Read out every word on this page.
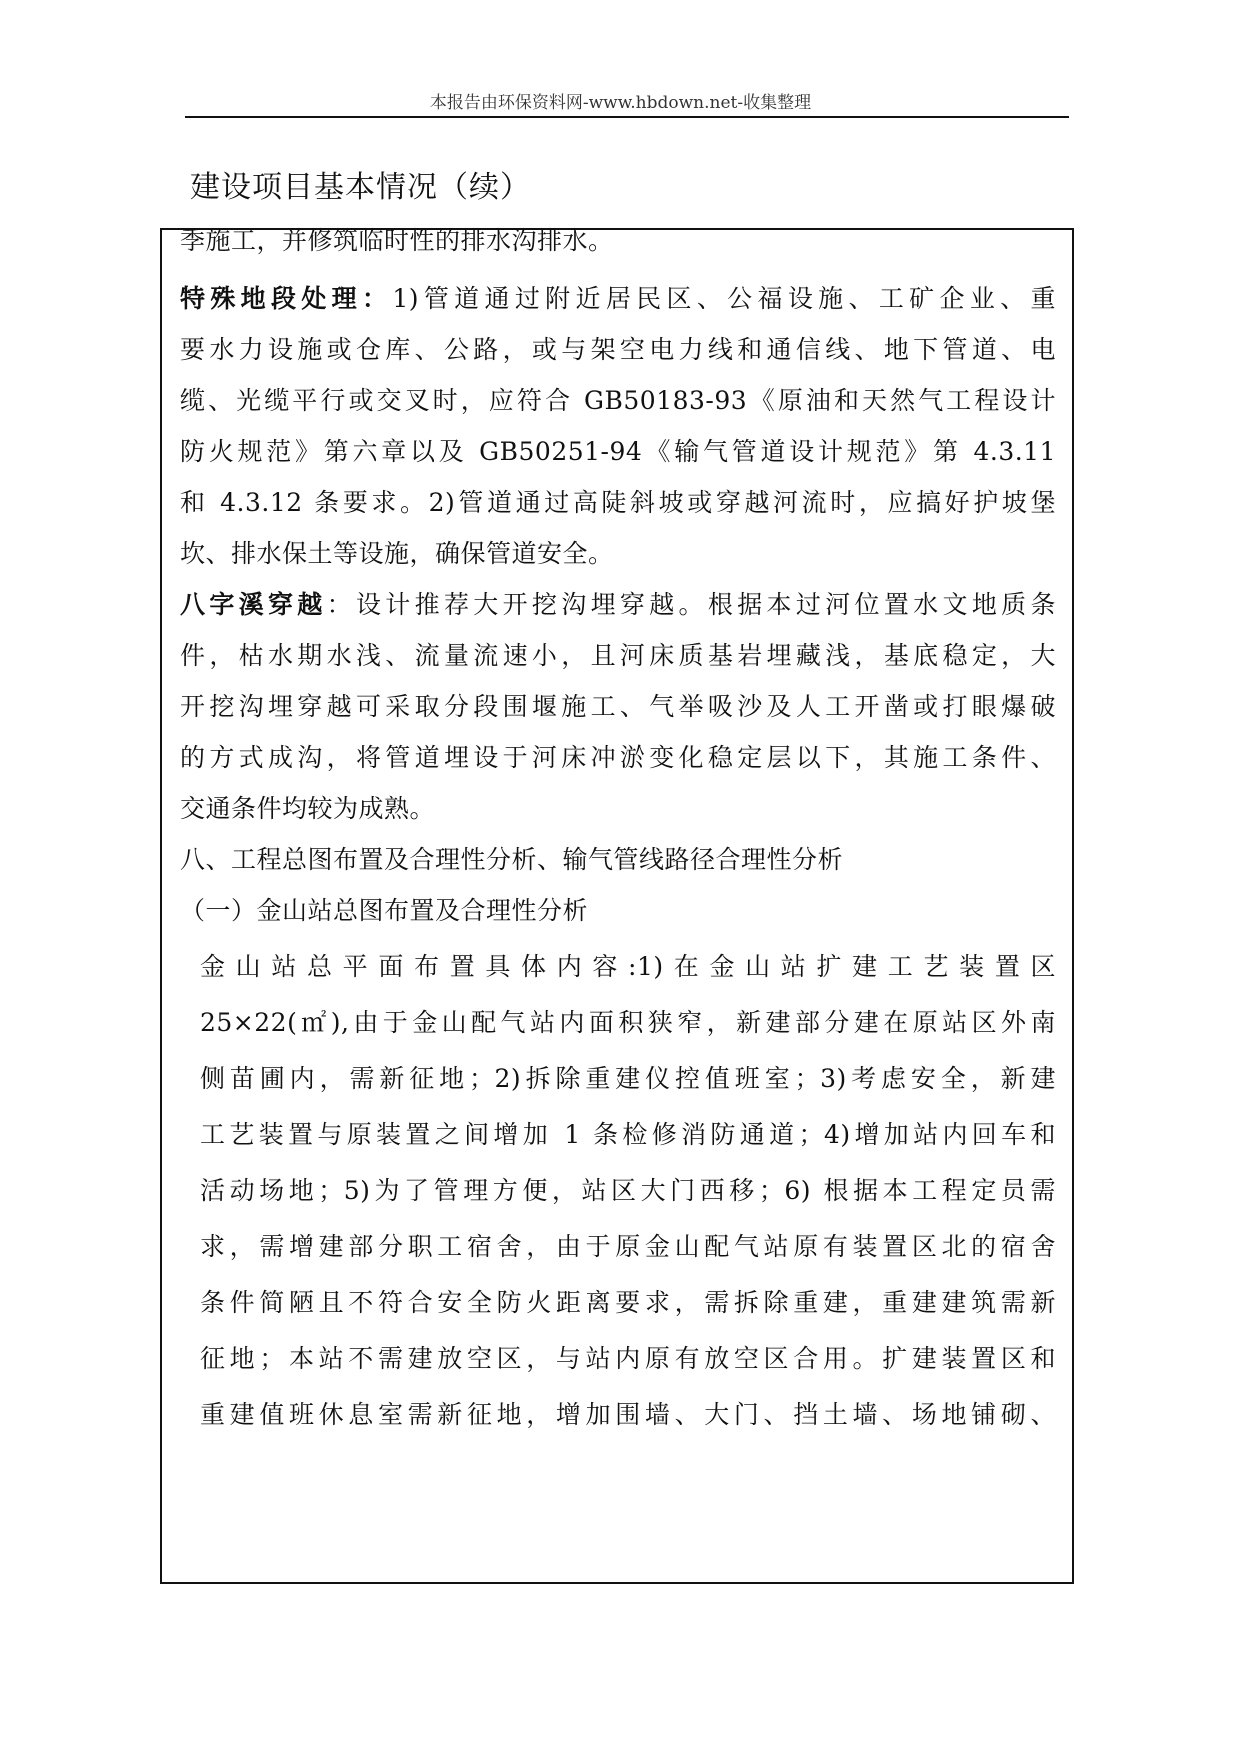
本报告由环保资料网-www.hbdown.net-收集整理
建设项目基本情况（续）
季施工，并修筑临时性的排水沟排水。
特殊地段处理：1)管道通过附近居民区、公福设施、工矿企业、重
要水力设施或仓库、公路，或与架空电力线和通信线、地下管道、电
缆、光缆平行或交叉时，应符合 GB50183-93《原油和天然气工程设计
防火规范》第六章以及 GB50251-94《输气管道设计规范》第 4.3.11
和 4.3.12 条要求。2)管道通过高陡斜坡或穿越河流时，应搞好护坡堡
坎、排水保土等设施，确保管道安全。
八字溪穿越：设计推荐大开挖沟埋穿越。根据本过河位置水文地质条
件，枯水期水浅、流量流速小，且河床质基岩埋藏浅，基底稳定，大
开挖沟埋穿越可采取分段围堰施工、气举吸沙及人工开凿或打眼爆破
的方式成沟，将管道埋设于河床冲淤变化稳定层以下，其施工条件、
交通条件均较为成熟。
八、工程总图布置及合理性分析、输气管线路径合理性分析
（一）金山站总图布置及合理性分析
金山站总平面布置具体内容:1)在金山站扩建工艺装置区
25×22(㎡),由于金山配气站内面积狭窄，新建部分建在原站区外南
侧苗圃内，需新征地；2)拆除重建仪控值班室；3)考虑安全，新建
工艺装置与原装置之间增加 1 条检修消防通道；4)增加站内回车和
活动场地；5)为了管理方便，站区大门西移；6) 根据本工程定员需
求，需增建部分职工宿舍，由于原金山配气站原有装置区北的宿舍
条件简陋且不符合安全防火距离要求，需拆除重建，重建建筑需新
征地；本站不需建放空区，与站内原有放空区合用。扩建装置区和
重建值班休息室需新征地，增加围墙、大门、挡土墙、场地铺砌、
